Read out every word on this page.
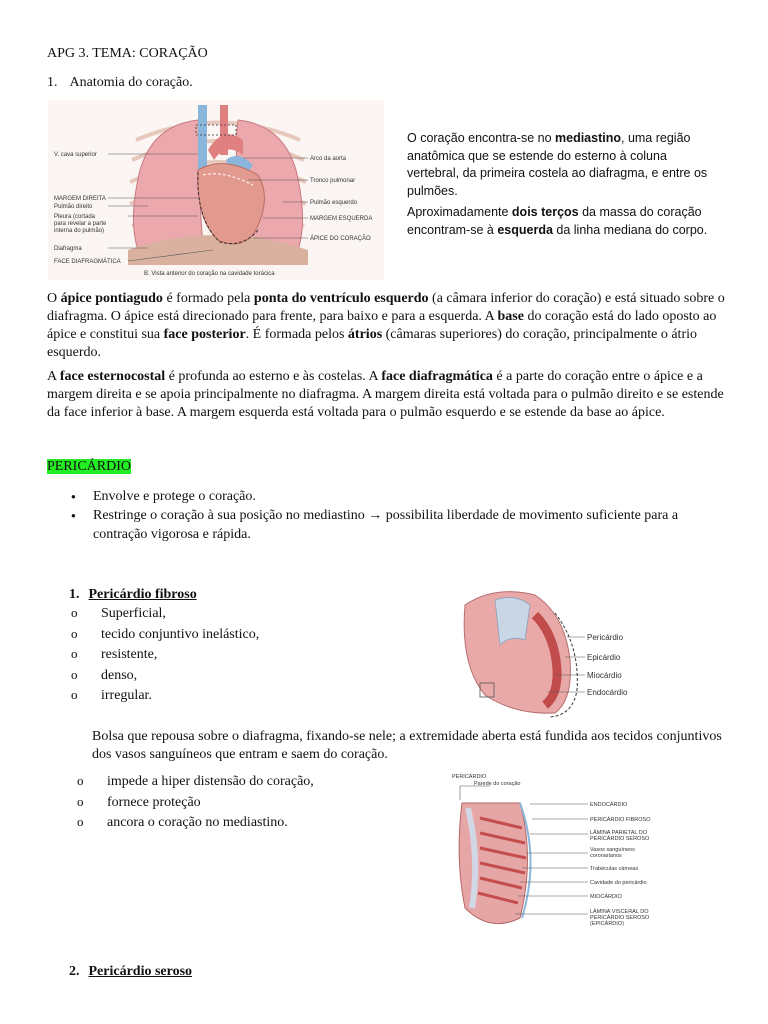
APG 3. TEMA: CORAÇÃO
1. Anatomia do coração.
V. cava superior
MARGEM DIREITA
Pulmão direito
Pleura (cortada
para revelar a parte
interna do pulmão)
Diafragma
FACE DIAFRAGMÁTICA
Arco da aorta
Tronco pulmonar
Pulmão esquerdo
MARGEM ESQUERDA
ÁPICE DO CORAÇÃO
B. Vista anterior do coração na cavidade torácica

O coração encontra-se no mediastino, uma região anatômica que se estende do esterno à coluna vertebral, da primeira costela ao diafragma, e entre os pulmões.

Aproximadamente dois terços da massa do coração encontram-se à esquerda da linha mediana do corpo.

O ápice pontiagudo é formado pela ponta do ventrículo esquerdo (a câmara inferior do coração) e está situado sobre o diafragma. O ápice está direcionado para frente, para baixo e para a esquerda. A base do coração está do lado oposto ao ápice e constitui sua face posterior. É formada pelos átrios (câmaras superiores) do coração, principalmente o átrio esquerdo.

A face esternocostal é profunda ao esterno e às costelas. A face diafragmática é a parte do coração entre o ápice e a margem direita e se apoia principalmente no diafragma. A margem direita está voltada para o pulmão direito e se estende da face inferior à base. A margem esquerda está voltada para o pulmão esquerdo e se estende da base ao ápice.

PERICÁRDIO
● Envolve e protege o coração.
● Restringe o coração à sua posição no mediastino → possibilita liberdade de movimento suficiente para a contração vigorosa e rápida.
1. Pericárdio fibroso
o Superficial,
o tecido conjuntivo inelástico,
o resistente,
o denso,
o irregular.
Pericárdio
Epicárdio
Miocárdio
Endocárdio

Bolsa que repousa sobre o diafragma, fixando-se nele; a extremidade aberta está fundida aos tecidos conjuntivos dos vasos sanguíneos que entram e saem do coração.

o impede a hiper distensão do coração,
o fornece proteção
o ancora o coração no mediastino.
PERICÁRDIO
Parede do coração
ENDOCÁRDIO
PERICÁRDIO FIBROSO
LÂMINA PARIETAL DO
PERICÁRDIO SEROSO
Vasos sanguíneos
coronarianos
Trabéculas cárneas
Cavidade do pericárdio
MIOCÁRDIO
LÂMINA VISCERAL DO
PERICÁRDIO SEROSO
(EPICÁRDIO)
2. Pericárdio seroso
